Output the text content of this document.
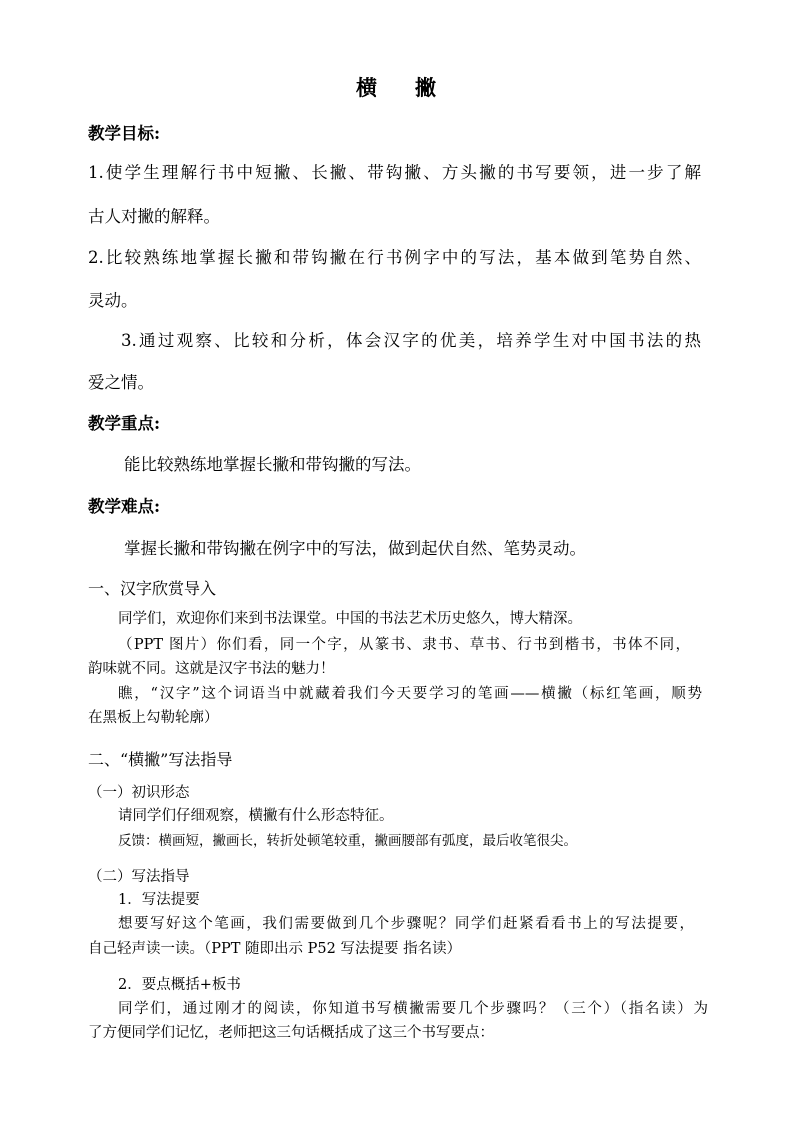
横 撇
教学目标:
1.使学生理解行书中短撇、长撇、带钩撇、方头撇的书写要领，进一步了解
古人对撇的解释。
2.比较熟练地掌握长撇和带钩撇在行书例字中的写法，基本做到笔势自然、
灵动。
3.通过观察、比较和分析，体会汉字的优美，培养学生对中国书法的热
爱之情。
教学重点:
能比较熟练地掌握长撇和带钩撇的写法。
教学难点:
掌握长撇和带钩撇在例字中的写法，做到起伏自然、笔势灵动。
一、汉字欣赏导入
同学们，欢迎你们来到书法课堂。中国的书法艺术历史悠久，博大精深。
（PPT 图片）你们看，同一个字，从篆书、隶书、草书、行书到楷书，书体不同，
韵味就不同。这就是汉字书法的魅力！
瞧，“汉字”这个词语当中就藏着我们今天要学习的笔画——横撇（标红笔画，顺势
在黑板上勾勒轮廓）
二、“横撇”写法指导
（一）初识形态
请同学们仔细观察，横撇有什么形态特征。
反馈：横画短，撇画长，转折处顿笔较重，撇画腰部有弧度，最后收笔很尖。
（二）写法指导
1．写法提要
想要写好这个笔画，我们需要做到几个步骤呢？同学们赶紧看看书上的写法提要，
自己轻声读一读。（PPT 随即出示 P52 写法提要 指名读）
2．要点概括+板书
同学们，通过刚才的阅读，你知道书写横撇需要几个步骤吗？（三个）（指名读）为
了方便同学们记忆，老师把这三句话概括成了这三个书写要点：
